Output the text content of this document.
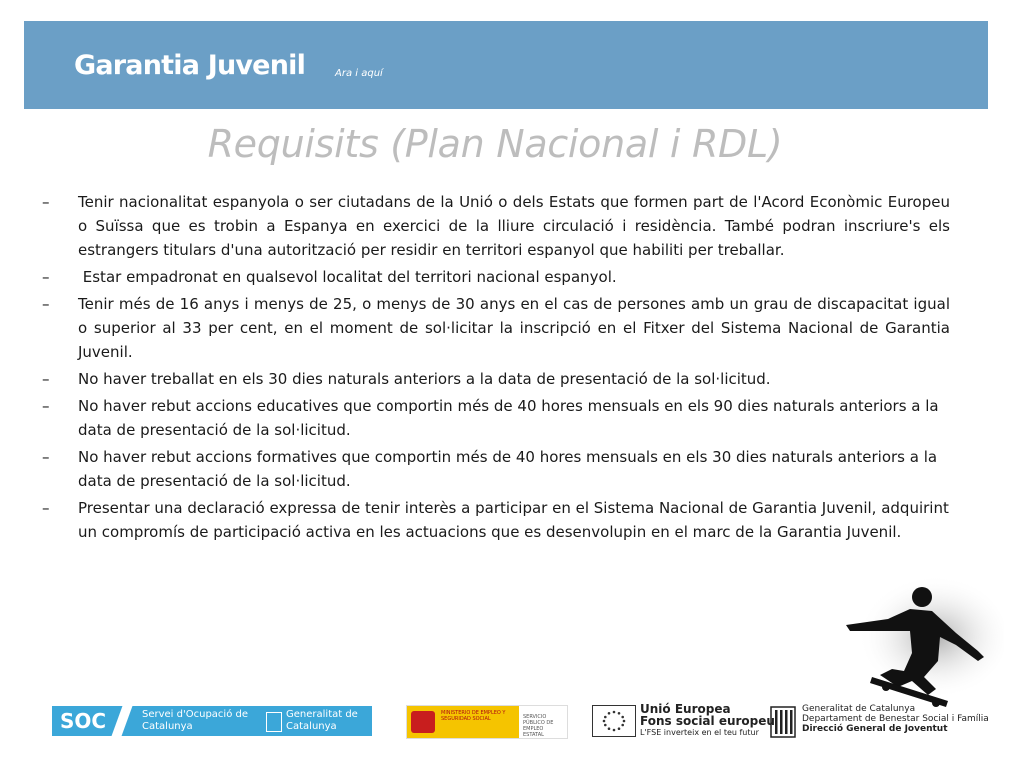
Garantia Juvenil	Ara i aquí
Requisits (Plan Nacional i RDL)
–	Tenir nacionalitat espanyola o ser ciutadans de la Unió o dels Estats que formen part de l'Acord Econòmic Europeu o Suïssa que es trobin a Espanya en exercici de la lliure circulació i residència. També podran inscriure's els estrangers titulars d'una autorització per residir en territori espanyol que habiliti per treballar.
–	Estar empadronat en qualsevol localitat del territori nacional espanyol.
–	Tenir més de 16 anys i menys de 25, o menys de 30 anys en el cas de persones amb un grau de discapacitat igual o superior al 33 per cent, en el moment de sol·licitar la inscripció en el Fitxer del Sistema Nacional de Garantia Juvenil.
–	No haver treballat en els 30 dies naturals anteriors a la data de presentació de la sol·licitud.
–	No haver rebut accions educatives que comportin més de 40 hores mensuals en els 90 dies naturals anteriors a la data de presentació de la sol·licitud.
–	No haver rebut accions formatives que comportin més de 40 hores mensuals en els 30 dies naturals anteriors a la data de presentació de la sol·licitud.
–	Presentar una declaració expressa de tenir interès a participar en el Sistema Nacional de Garantia Juvenil, adquirint un compromís de participació activa en les actuacions que es desenvolupin en el marc de la Garantia Juvenil.
SOC	Servei d'Ocupació de Catalunya
Generalitat de Catalunya
MINISTERIO DE EMPLEO Y SEGURIDAD SOCIAL	SERVICIO PÚBLICO DE EMPLEO ESTATAL
Unió Europea
Fons social europeu
L'FSE inverteix en el teu futur
Generalitat de Catalunya
Departament de Benestar Social i Família
Direcció General de Joventut
